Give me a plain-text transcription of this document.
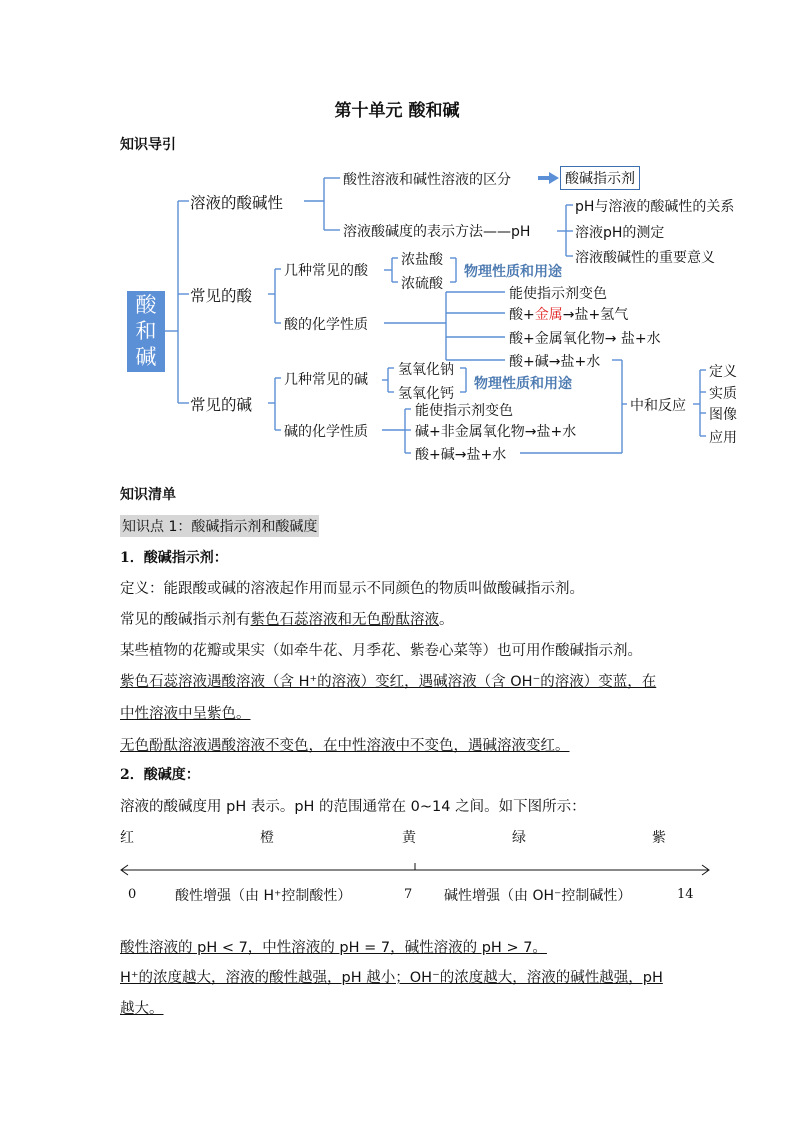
第十单元 酸和碱
知识导引
酸
和
碱
溶液的酸碱性
常见的酸
常见的碱
酸性溶液和碱性溶液的区分	酸碱指示剂
溶液酸碱度的表示方法——pH
pH与溶液的酸碱性的关系
溶液pH的测定
溶液酸碱性的重要意义
几种常见的酸
浓盐酸
浓硫酸
物理性质和用途
酸的化学性质
能使指示剂变色
酸+金属→盐+氢气
酸+金属氧化物→ 盐+水
酸+碱→盐+水
几种常见的碱
氢氧化钠
氢氧化钙
物理性质和用途
碱的化学性质
能使指示剂变色
碱+非金属氧化物→盐+水
酸+碱→盐+水
中和反应
定义
实质
图像
应用
知识清单
知识点 1：酸碱指示剂和酸碱度
1．酸碱指示剂：
定义：能跟酸或碱的溶液起作用而显示不同颜色的物质叫做酸碱指示剂。
常见的酸碱指示剂有紫色石蕊溶液和无色酚酞溶液。
某些植物的花瓣或果实（如牵牛花、月季花、紫卷心菜等）也可用作酸碱指示剂。
紫色石蕊溶液遇酸溶液（含 H⁺的溶液）变红，遇碱溶液（含 OH⁻的溶液）变蓝，在
中性溶液中呈紫色。
无色酚酞溶液遇酸溶液不变色，在中性溶液中不变色，遇碱溶液变红。
2．酸碱度：
溶液的酸碱度用 pH 表示。pH 的范围通常在 0~14 之间。如下图所示：
红	橙	黄	绿	紫
0	酸性增强（由 H⁺控制酸性）	7 碱性增强（由 OH⁻控制碱性）	14
酸性溶液的 pH < 7，中性溶液的 pH = 7，碱性溶液的 pH > 7。
H⁺的浓度越大，溶液的酸性越强，pH 越小；OH⁻的浓度越大，溶液的碱性越强，pH
越大。
